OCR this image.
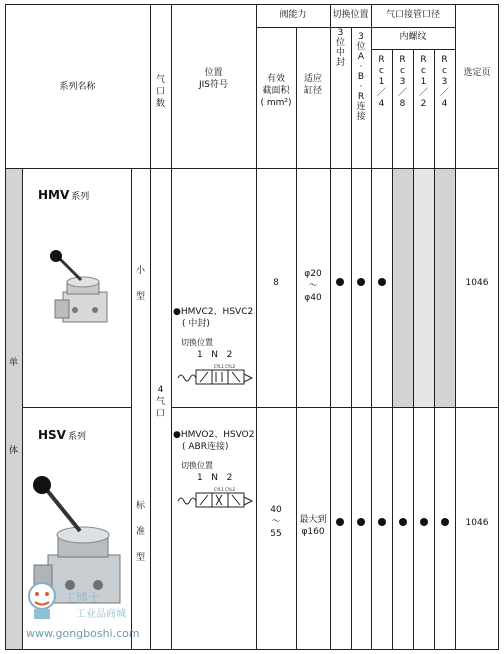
阀能力	切换位置	气口接管口径
内螺纹
系列名称
气
口
数
位置
JIS符号
有效
截面积
( mm²)
适应
缸径
3
位
中
封
3
位
A
·
B
·
R
连
接
R
c
1
／
4
R
c
3
／
8
R
c
1
／
2
R
c
3
／
4
选定页
单
体
4
气
口
HMV 系列
小
型
●HMVC2、HSVC2
( 中封)
切换位置
1   N   2
CYL1 CYL2
8
φ20
～
φ40
1046
HSV 系列
标
准
型
●HMVO2、HSVO2
( ABR连接)
切换位置
1   N   2
CYL1 CYL2
40
～
55
最大到
φ160
1046
工博士
工业品商城
www.gongboshi.com
